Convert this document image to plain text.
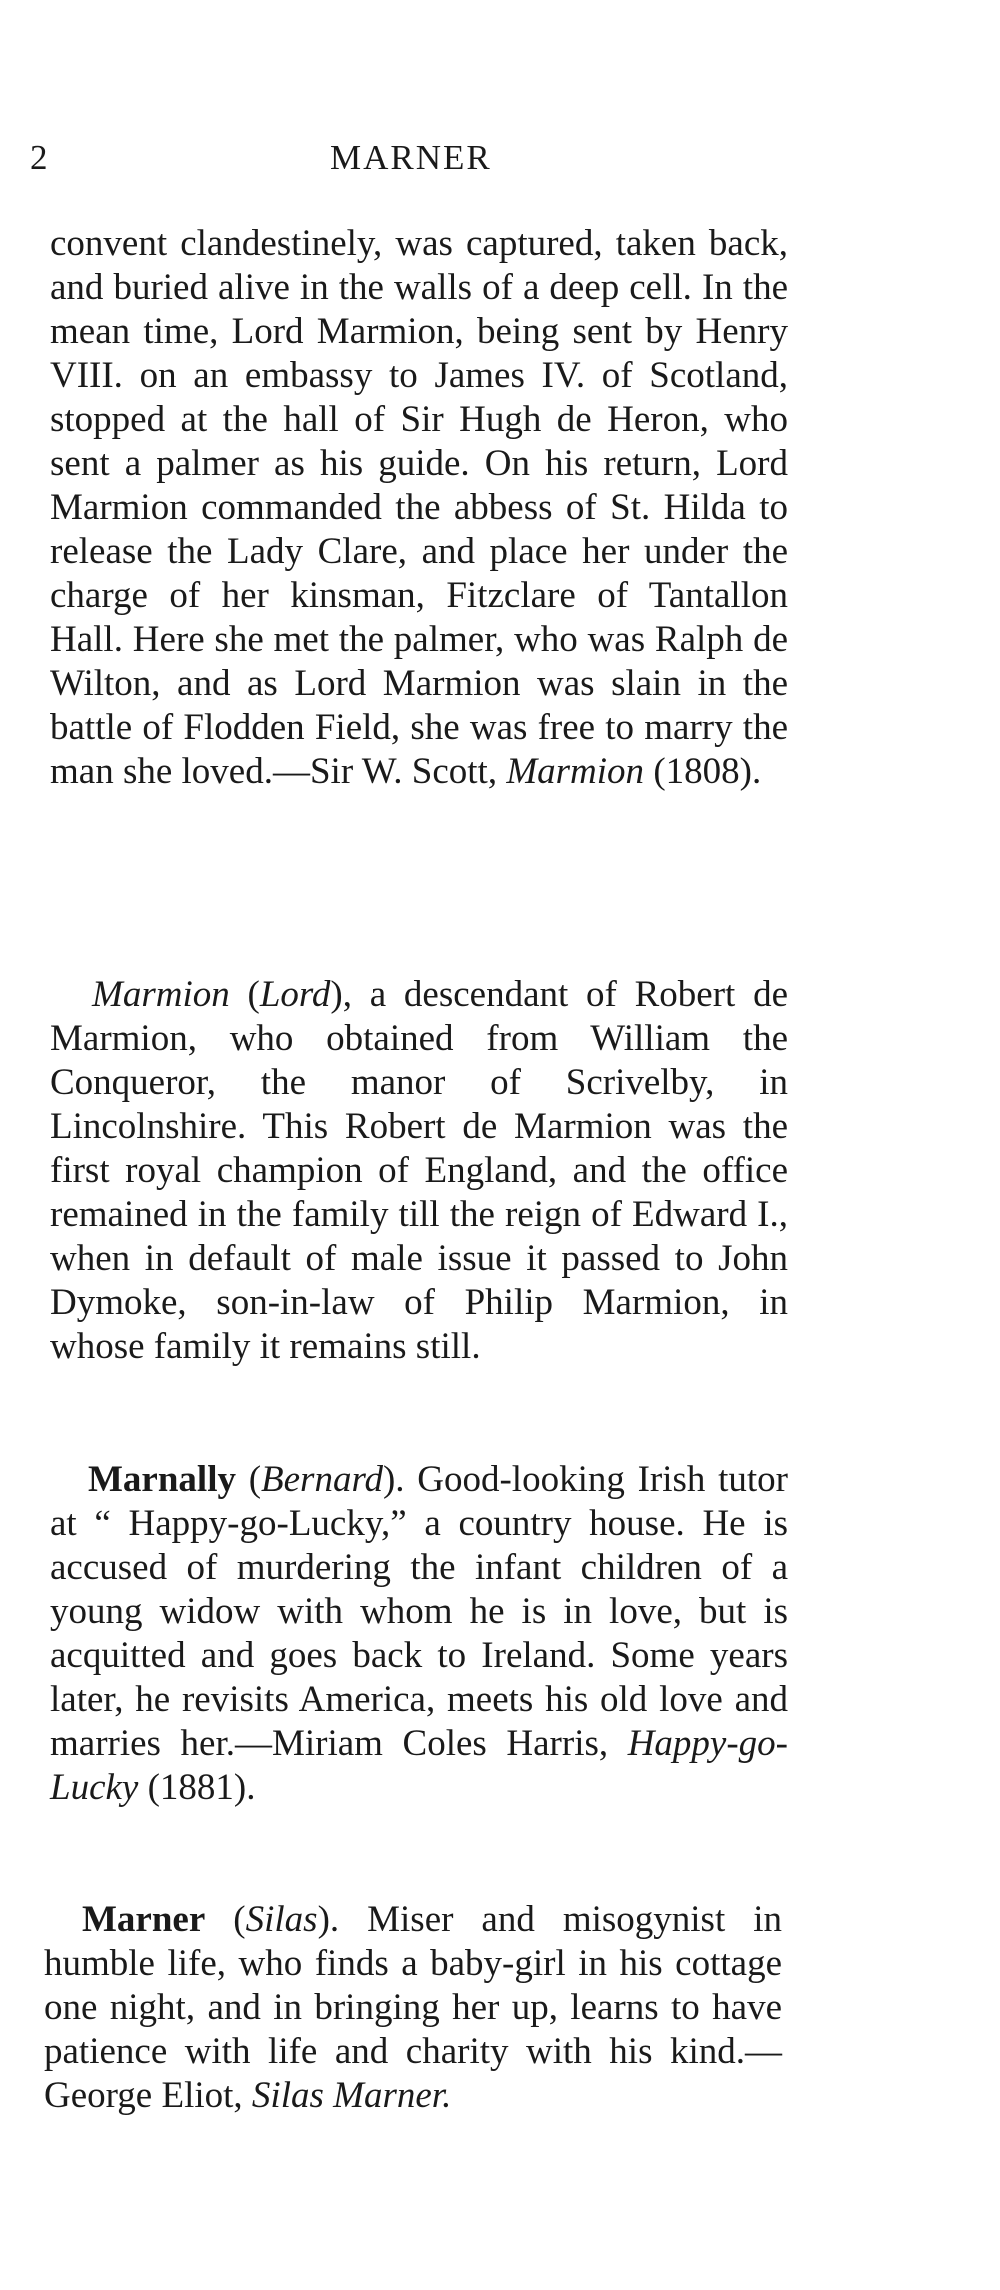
2	MARNER

convent clandestinely, was captured, taken back, and buried alive in the walls of a deep cell. In the mean time, Lord Marmion, being sent by Henry VIII. on an embassy to James IV. of Scotland, stopped at the hall of Sir Hugh de Heron, who sent a palmer as his guide. On his return, Lord Marmion commanded the abbess of St. Hilda to release the Lady Clare, and place her under the charge of her kinsman, Fitzclare of Tantallon Hall. Here she met the palmer, who was Ralph de Wilton, and as Lord Marmion was slain in the battle of Flodden Field, she was free to marry the man she loved.—Sir W. Scott, Marmion (1808).

Marmion (Lord), a descendant of Robert de Marmion, who obtained from William the Conqueror, the manor of Scrivelby, in Lincolnshire. This Robert de Marmion was the first royal champion of England, and the office remained in the family till the reign of Edward I., when in default of male issue it passed to John Dymoke, son-in-law of Philip Marmion, in whose family it remains still.

Marnally (Bernard). Good-looking Irish tutor at “ Happy-go-Lucky,” a country house. He is accused of murdering the infant children of a young widow with whom he is in love, but is acquitted and goes back to Ireland. Some years later, he revisits America, meets his old love and marries her.—Miriam Coles Harris, Happy-go-Lucky (1881).

Marner (Silas). Miser and misogynist in humble life, who finds a baby-girl in his cottage one night, and in bringing her up, learns to have patience with life and charity with his kind.—George Eliot, Silas Marner.
